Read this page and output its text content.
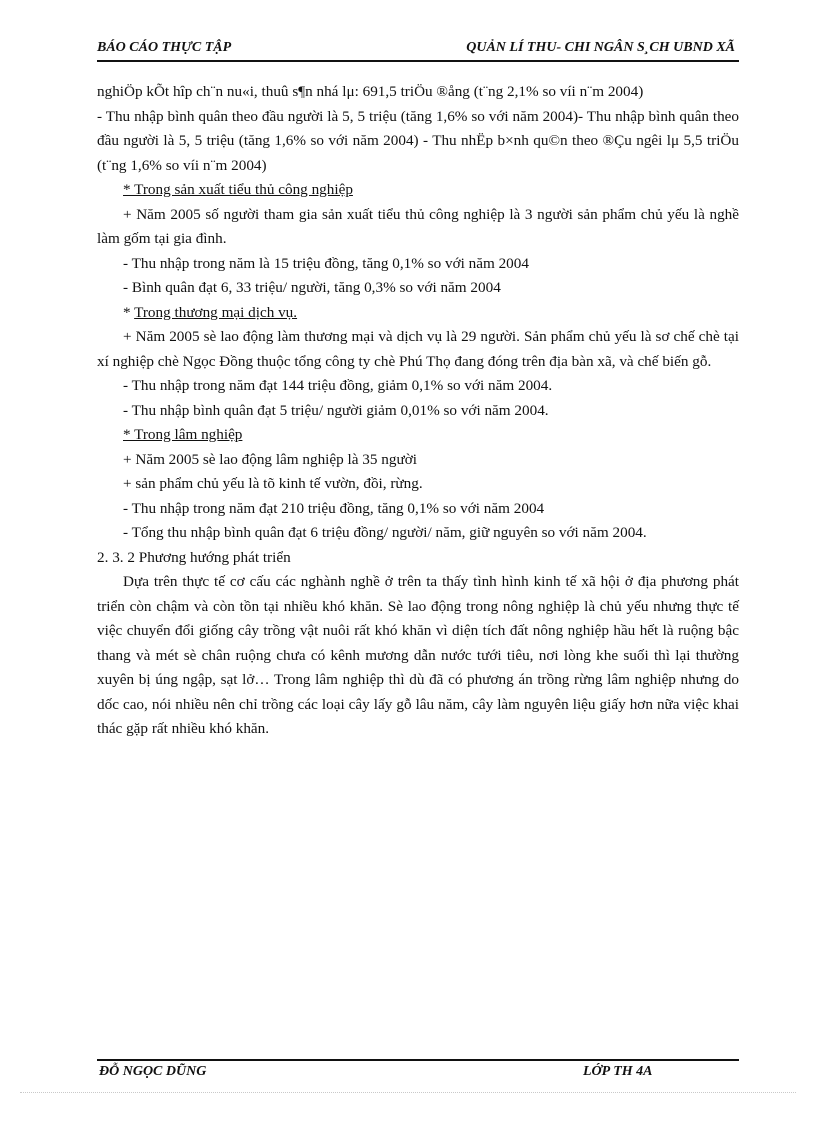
BÁO CÁO THỰC TẬP	QUẢN LÍ THU- CHI NGÂN S¸CH UBND XÃ

nghiÖp kÕt hîp ch¨n nu«i, thuû s¶n nhá lμ: 691,5 triÖu ®ång (t¨ng 2,1% so víi n¨m 2004)

- Thu nhập bình quân theo đầu người là 5, 5 triệu (tăng 1,6% so với năm 2004)- Thu nhập bình quân theo đầu người là 5, 5 triệu (tăng 1,6% so với năm 2004) - Thu nhËp b×nh qu©n theo ®Çu ngêi lμ 5,5 triÖu (t¨ng 1,6% so víi n¨m 2004)

* Trong sản xuất tiểu thủ công nghiệp

+ Năm 2005 số người tham gia sản xuất tiểu thủ công nghiệp là 3 người sản phẩm chủ yếu là nghề làm gốm tại gia đình.

- Thu nhập trong năm là 15 triệu đồng, tăng 0,1% so với năm 2004

- Bình quân đạt 6, 33 triệu/ người, tăng 0,3% so với năm 2004

* Trong thương mại dịch vụ.

+ Năm 2005 sè lao động làm thương mại và dịch vụ là 29 người. Sản phẩm chủ yếu là sơ chế chè tại xí nghiệp chè Ngọc Đồng thuộc tổng công ty chè Phú Thọ đang đóng trên địa bàn xã, và chế biến gỗ.

- Thu nhập trong năm đạt 144 triệu đồng, giảm 0,1% so với năm 2004.

- Thu nhập bình quân đạt 5 triệu/ người giảm 0,01% so với năm 2004.

* Trong lâm nghiệp

+ Năm 2005 sè lao động lâm nghiệp là 35 người

+ sản phẩm chủ yếu là tõ kinh tế vườn, đồi, rừng.

- Thu nhập trong năm đạt 210 triệu đồng, tăng 0,1% so với năm 2004

- Tổng thu nhập bình quân đạt 6 triệu đồng/ người/ năm, giữ nguyên so với năm 2004.

2. 3. 2 Phương hướng phát triển

Dựa trên thực tế cơ cấu các nghành nghề ở trên ta thấy tình hình kinh tế xã hội ở địa phương phát triển còn chậm và còn tồn tại nhiều khó khăn. Sè lao động trong nông nghiệp là chủ yếu nhưng thực tế việc chuyển đổi giống cây trồng vật nuôi rất khó khăn vì diện tích đất nông nghiệp hầu hết là ruộng bậc thang và mét sè chân ruộng chưa có kênh mương dẫn nước tưới tiêu, nơi lòng khe suối thì lại thường xuyên bị úng ngập, sạt lở… Trong lâm nghiệp thì dù đã có phương án trồng rừng lâm nghiệp nhưng do dốc cao, nói nhiều nên chỉ trồng các loại cây lấy gỗ lâu năm, cây làm nguyên liệu giấy hơn nữa việc khai thác gặp rất nhiều khó khăn.

ĐỖ NGỌC DŨNG	LỚP TH 4A
